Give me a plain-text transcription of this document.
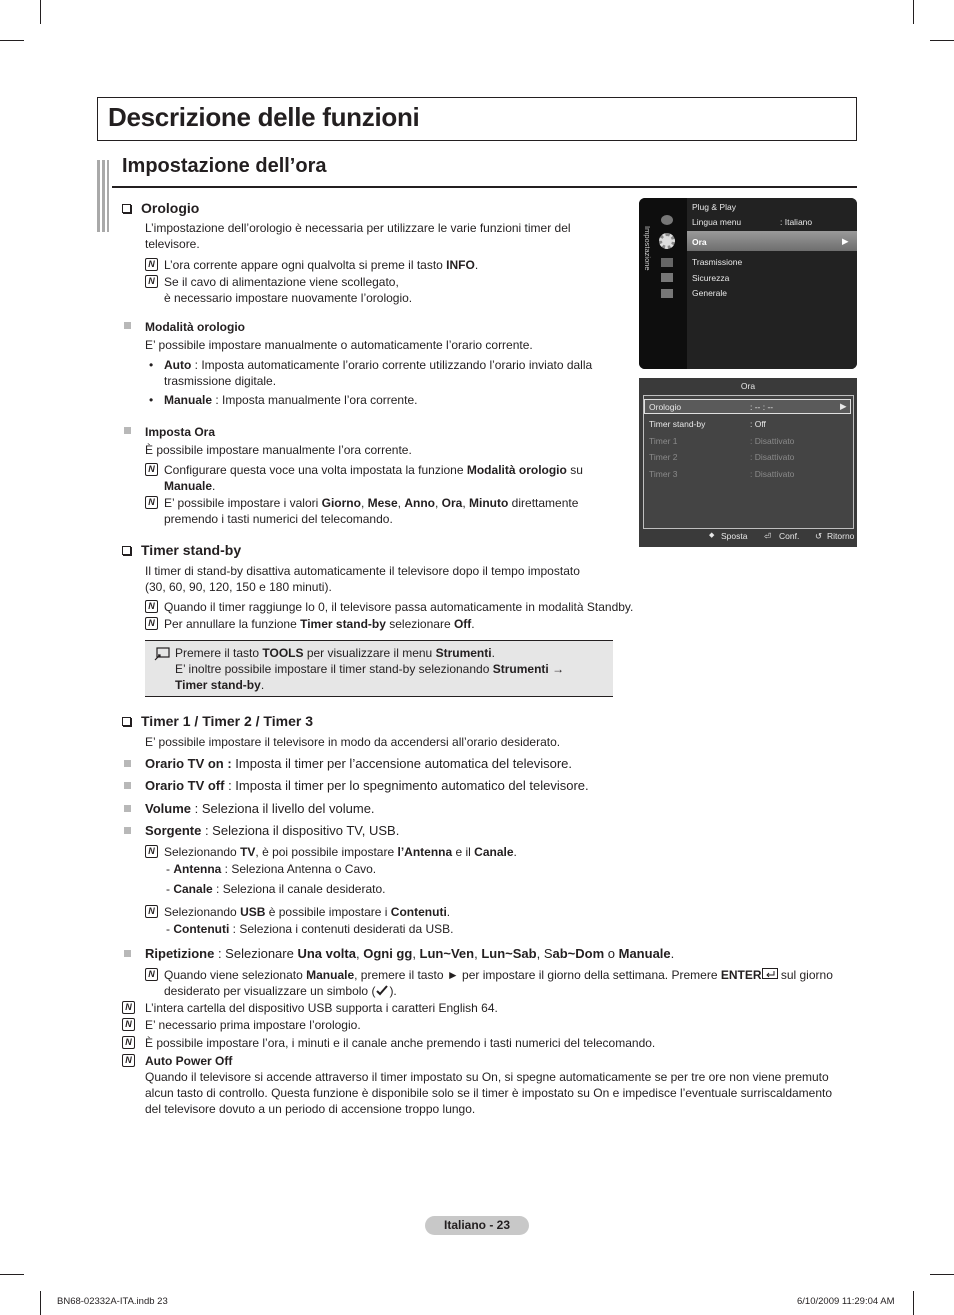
Descrizione delle funzioni
Impostazione dell’ora
Orologio
L’impostazione dell’orologio è necessaria per utilizzare le varie funzioni timer del
televisore.
N L’ora corrente appare ogni qualvolta si preme il tasto INFO.
N Se il cavo di alimentazione viene scollegato,
è necessario impostare nuovamente l’orologio.
Modalità orologio
E’ possibile impostare manualmente o automaticamente l’orario corrente.
• Auto : Imposta automaticamente l’orario corrente utilizzando l’orario inviato dalla
trasmissione digitale.
• Manuale : Imposta manualmente l’ora corrente.
Imposta Ora
È possibile impostare manualmente l’ora corrente.
N Configurare questa voce una volta impostata la funzione Modalità orologio su
Manuale.
N E’ possibile impostare i valori Giorno, Mese, Anno, Ora, Minuto direttamente
premendo i tasti numerici del telecomando.
Timer stand-by
Il timer di stand-by disattiva automaticamente il televisore dopo il tempo impostato
(30, 60, 90, 120, 150 e 180 minuti).
N Quando il timer raggiunge lo 0, il televisore passa automaticamente in modalità Standby.
N Per annullare la funzione Timer stand-by selezionare Off.
Premere il tasto TOOLS per visualizzare il menu Strumenti.
E’ inoltre possibile impostare il timer stand-by selezionando Strumenti →
Timer stand-by.
Timer 1 / Timer 2 / Timer 3
E’ possibile impostare il televisore in modo da accendersi all’orario desiderato.
Orario TV on : Imposta il timer per l’accensione automatica del televisore.
Orario TV off : Imposta il timer per lo spegnimento automatico del televisore.
Volume : Seleziona il livello del volume.
Sorgente : Seleziona il dispositivo TV, USB.
N Selezionando TV, è poi possibile impostare l’Antenna e il Canale.
- Antenna : Seleziona Antenna o Cavo.
- Canale : Seleziona il canale desiderato.
N Selezionando USB è possibile impostare i Contenuti.
- Contenuti : Seleziona i contenuti desiderati da USB.
Ripetizione : Selezionare Una volta, Ogni gg, Lun~Ven, Lun~Sab, Sab~Dom o Manuale.
N Quando viene selezionato Manuale, premere il tasto ► per impostare il giorno della settimana. Premere ENTER sul giorno
desiderato per visualizzare un simbolo ( ).
N L’intera cartella del dispositivo USB supporta i caratteri English 64.
N E’ necessario prima impostare l’orologio.
N È possibile impostare l’ora, i minuti e il canale anche premendo i tasti numerici del telecomando.
N Auto Power Off
Quando il televisore si accende attraverso il timer impostato su On, si spegne automaticamente se per tre ore non viene premuto
alcun tasto di controllo. Questa funzione è disponibile solo se il timer è impostato su On e impedisce l’eventuale surriscaldamento
del televisore dovuto a un periodo di accensione troppo lungo.
Impostazione
Plug & Play
Lingua menu	: Italiano
Ora	▶
Trasmissione
Sicurezza
Generale
Ora
Orologio	: -- : --	▶
Timer stand-by	: Off
Timer 1	: Disattivato
Timer 2	: Disattivato
Timer 3	: Disattivato
◆ Sposta ⏎ Conf. ↺ Ritorno
Italiano - 23
BN68-02332A-ITA.indb 23	6/10/2009 11:29:04 AM
